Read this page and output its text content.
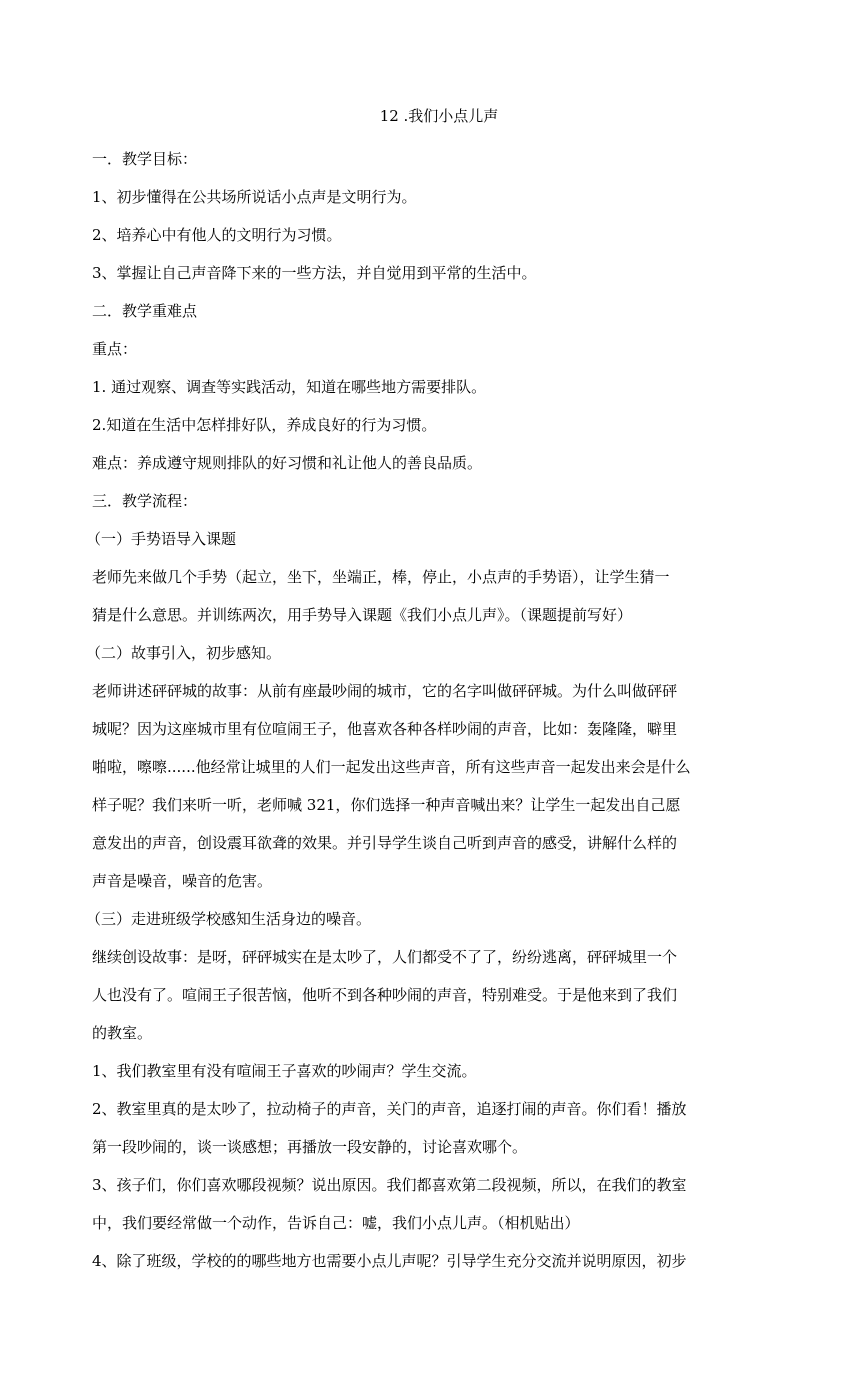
12 .我们小点儿声

一．教学目标：

1、初步懂得在公共场所说话小点声是文明行为。

2、培养心中有他人的文明行为习惯。

3、掌握让自己声音降下来的一些方法，并自觉用到平常的生活中。

二．教学重难点

重点：

1. 通过观察、调查等实践活动，知道在哪些地方需要排队。

2.知道在生活中怎样排好队，养成良好的行为习惯。

难点：养成遵守规则排队的好习惯和礼让他人的善良品质。

三．教学流程：

（一）手势语导入课题

老师先来做几个手势（起立，坐下，坐端正，棒，停止，小点声的手势语），让学生猜一
猜是什么意思。并训练两次，用手势导入课题《我们小点儿声》。（课题提前写好）

（二）故事引入，初步感知。

老师讲述砰砰城的故事：从前有座最吵闹的城市，它的名字叫做砰砰城。为什么叫做砰砰
城呢？因为这座城市里有位喧闹王子，他喜欢各种各样吵闹的声音，比如：轰隆隆，噼里
啪啦，嚓嚓......他经常让城里的人们一起发出这些声音，所有这些声音一起发出来会是什么
样子呢？我们来听一听，老师喊 321，你们选择一种声音喊出来？让学生一起发出自己愿
意发出的声音，创设震耳欲聋的效果。并引导学生谈自己听到声音的感受，讲解什么样的
声音是噪音，噪音的危害。

（三）走进班级学校感知生活身边的噪音。

继续创设故事：是呀，砰砰城实在是太吵了，人们都受不了了，纷纷逃离，砰砰城里一个
人也没有了。喧闹王子很苦恼，他听不到各种吵闹的声音，特别难受。于是他来到了我们
的教室。

1、我们教室里有没有喧闹王子喜欢的吵闹声？学生交流。

2、教室里真的是太吵了，拉动椅子的声音，关门的声音，追逐打闹的声音。你们看！播放
第一段吵闹的，谈一谈感想；再播放一段安静的，讨论喜欢哪个。

3、孩子们，你们喜欢哪段视频？说出原因。我们都喜欢第二段视频，所以，在我们的教室
中，我们要经常做一个动作，告诉自己：嘘，我们小点儿声。（相机贴出）

4、除了班级，学校的的哪些地方也需要小点儿声呢？引导学生充分交流并说明原因，初步
